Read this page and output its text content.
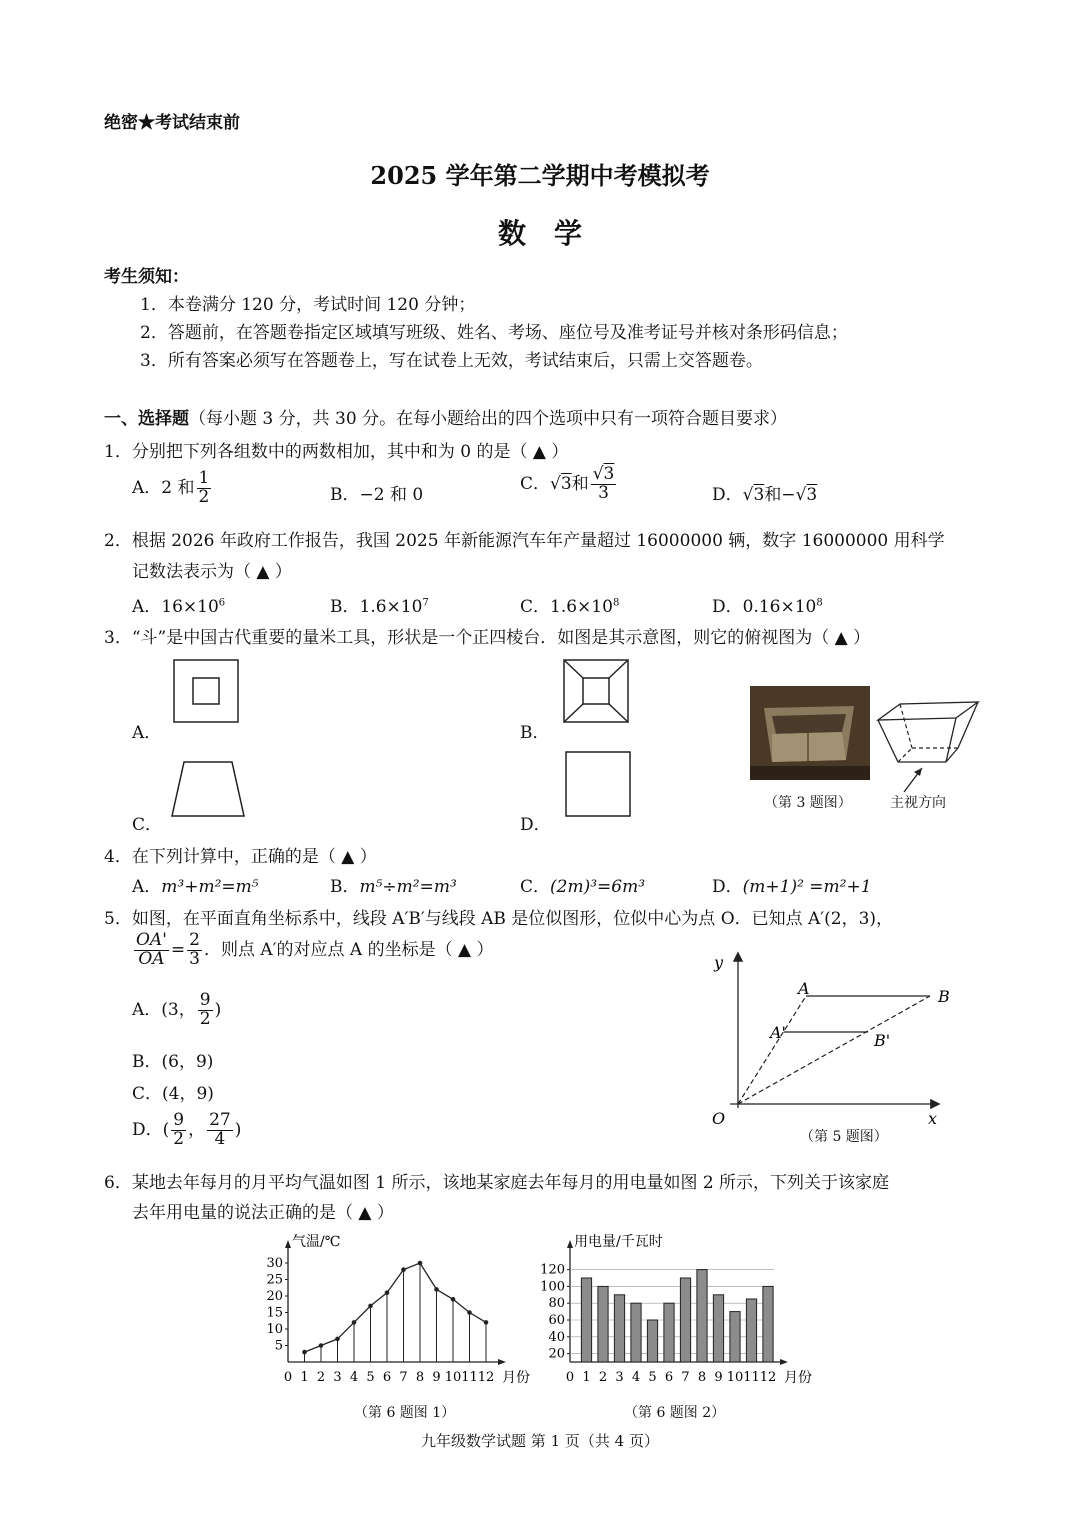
绝密★考试结束前
2025 学年第二学期中考模拟考
数　学
考生须知：
1．本卷满分 120 分，考试时间 120 分钟；
2．答题前，在答题卷指定区域填写班级、姓名、考场、座位号及准考证号并核对条形码信息；
3．所有答案必须写在答题卷上，写在试卷上无效，考试结束后，只需上交答题卷。
一、选择题（每小题 3 分，共 30 分。在每小题给出的四个选项中只有一项符合题目要求）
1．分别把下列各组数中的两数相加，其中和为 0 的是（ ▲ ）
A．2 和 $\frac{1}{2}$	B．−2 和 0
C．√3和 $\frac{√3}{3}$	D．√3和−√3
2．根据 2026 年政府工作报告，我国 2025 年新能源汽车年产量超过 16000000 辆，数字 16000000 用科学
记数法表示为（ ▲ ）
A．$16\times 10^6$	B．$1.6\times 10^7$	C．$1.6\times 10^8$	D．$0.16\times 10^8$
3．“斗”是中国古代重要的量米工具，形状是一个正四棱台．如图是其示意图，则它的俯视图为（ ▲ ）
A．	B．
C．	D．
（第 3 题图）	主视方向
4．在下列计算中，正确的是（ ▲ ）
A．m³+m²=m⁵	B．m⁵÷m²=m³	C．(2m)³=6m³	D．(m+1)² =m²+1
5．如图，在平面直角坐标系中，线段 A′B′与线段 AB 是位似图形，位似中心为点 O．已知点 A′(2，3)，
$\frac{OA'}{OA} = \frac{2}{3}$ ．则点 A′的对应点 A 的坐标是（ ▲ ）
A．(3， $\frac{9}{2}$ )
B．(6，9)
C．(4，9)
D．( $\frac{9}{2}$ ， $\frac{27}{4}$ )
y
x
O
A	B
A'	B'
（第 5 题图）
6．某地去年每月的月平均气温如图 1 所示，该地某家庭去年每月的用电量如图 2 所示，下列关于该家庭
去年用电量的说法正确的是（ ▲ ）
气温/℃
月份
5
10
15
20
25
30
0 1 2 3 4 5 6 7 8 9 10 11 12
用电量/千瓦时
月份
20
40
60
80
100
120
0 1 2 3 4 5 6 7 8 9 10 11 12
（第 6 题图 1）	（第 6 题图 2）
九年级数学试题 第 1 页（共 4 页）
